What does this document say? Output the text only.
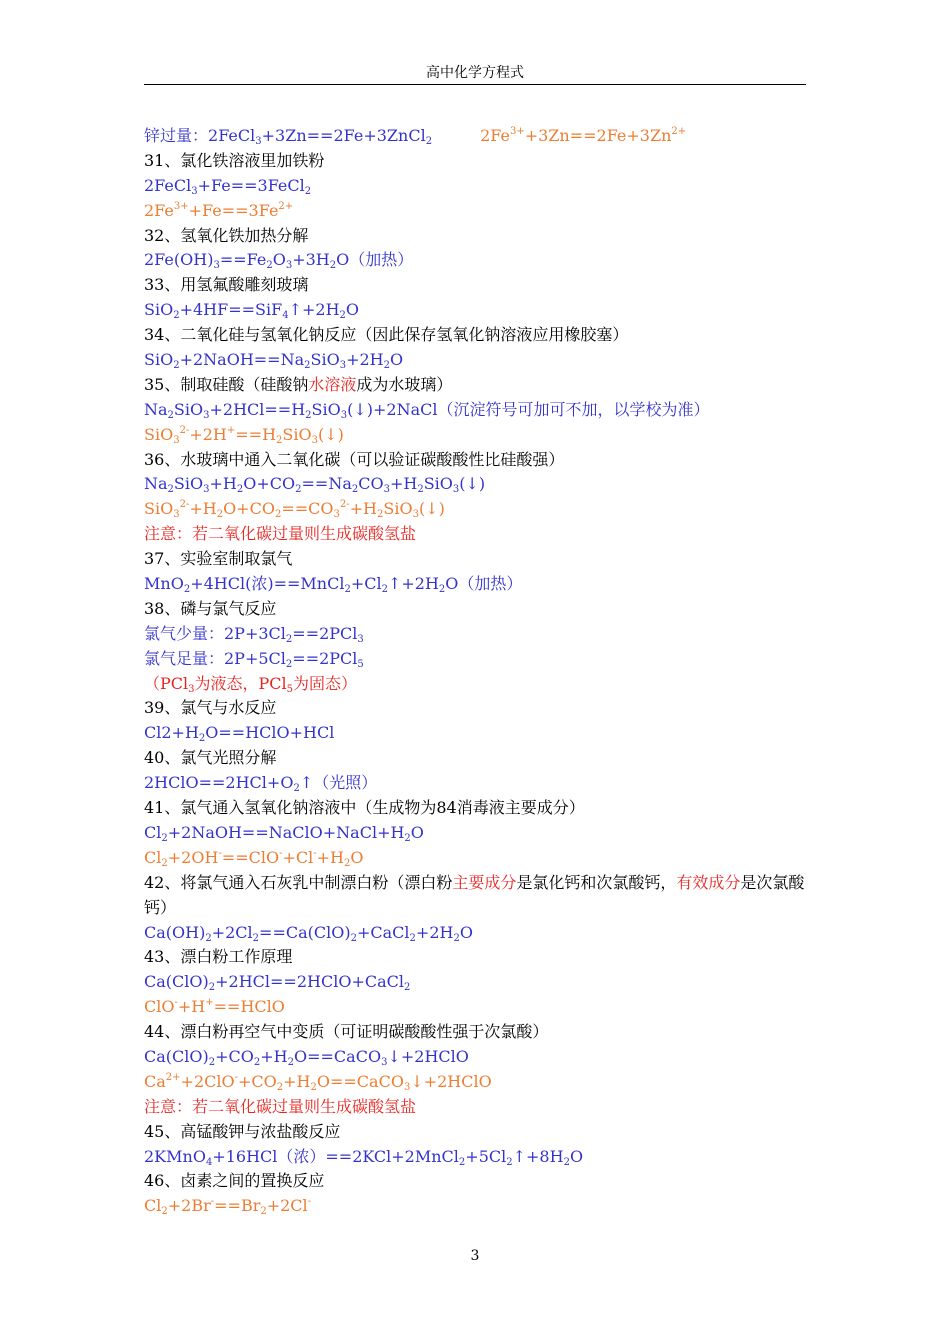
高中化学方程式
锌过量：2FeCl$_3$+3Zn==2Fe+3ZnCl$_2$	$2Fe^{3+}+3Zn==2Fe+3Zn^{2+}$
31、氯化铁溶液里加铁粉
2FeCl$_3$+Fe==3FeCl$_2$
$2Fe^{3+}+Fe==3Fe^{2+}$
32、氢氧化铁加热分解
$2Fe(OH)_3==Fe_2O_3+3H_2O$（加热）
33、用氢氟酸雕刻玻璃
$SiO_2+4HF==SiF_4↑+2H_2O$
34、二氧化硅与氢氧化钠反应（因此保存氢氧化钠溶液应用橡胶塞）
$SiO_2+2NaOH==Na_2SiO_3+2H_2O$
35、制取硅酸（硅酸钠水溶液成为水玻璃）
$Na_2SiO_3+2HCl==H_2SiO_3(↓)+2NaCl$（沉淀符号可加可不加，以学校为准）
$SiO_3^{2-}+2H^+==H_2SiO_3(↓)$
36、水玻璃中通入二氧化碳（可以验证碳酸酸性比硅酸强）
$Na_2SiO_3+H_2O+CO_2==Na_2CO_3+H_2SiO_3(↓)$
$SiO_3^{2-}+H_2O+CO_2==CO_3^{2-}+H_2SiO_3(↓)$
注意：若二氧化碳过量则生成碳酸氢盐
37、实验室制取氯气
MnO$_2$+4HCl(浓)$==MnCl_2+Cl_2↑+2H_2O$（加热）
38、磷与氯气反应
氯气少量：$2P+3Cl_2==2PCl_3$
氯气足量：$2P+5Cl_2==2PCl_5$
（PCl$_3$为液态，PCl$_5$为固态）
39、氯气与水反应
$Cl2+H_2O==HClO+HCl$
40、氯气光照分解
$2HClO==2HCl+O_2↑$（光照）
41、氯气通入氢氧化钠溶液中（生成物为84消毒液主要成分）
$Cl_2+2NaOH==NaClO+NaCl+H_2O$
$Cl_2+2OH^-==ClO^-+Cl^-+H_2O$
42、将氯气通入石灰乳中制漂白粉（漂白粉主要成分是氯化钙和次氯酸钙，有效成分是次氯酸钙）
$Ca(OH)_2+2Cl_2==Ca(ClO)_2+CaCl_2+2H_2O$
43、漂白粉工作原理
$Ca(ClO)_2+2HCl==2HClO+CaCl_2$
ClO-+H+==HClO
44、漂白粉再空气中变质（可证明碳酸酸性强于次氯酸）
$Ca(ClO)_2+CO_2+H_2O==CaCO_3↓+2HClO$
$Ca^{2+}+2ClO^-+CO_2+H_2O==CaCO_3↓+2HClO$
注意：若二氧化碳过量则生成碳酸氢盐
45、高锰酸钾与浓盐酸反应
2KMnO$_4$+16HCl（浓）$==2KCl+2MnCl_2+5Cl_2↑+8H_2O$
46、卤素之间的置换反应
$Cl_2+2Br^-==Br_2+2Cl^-$
3
